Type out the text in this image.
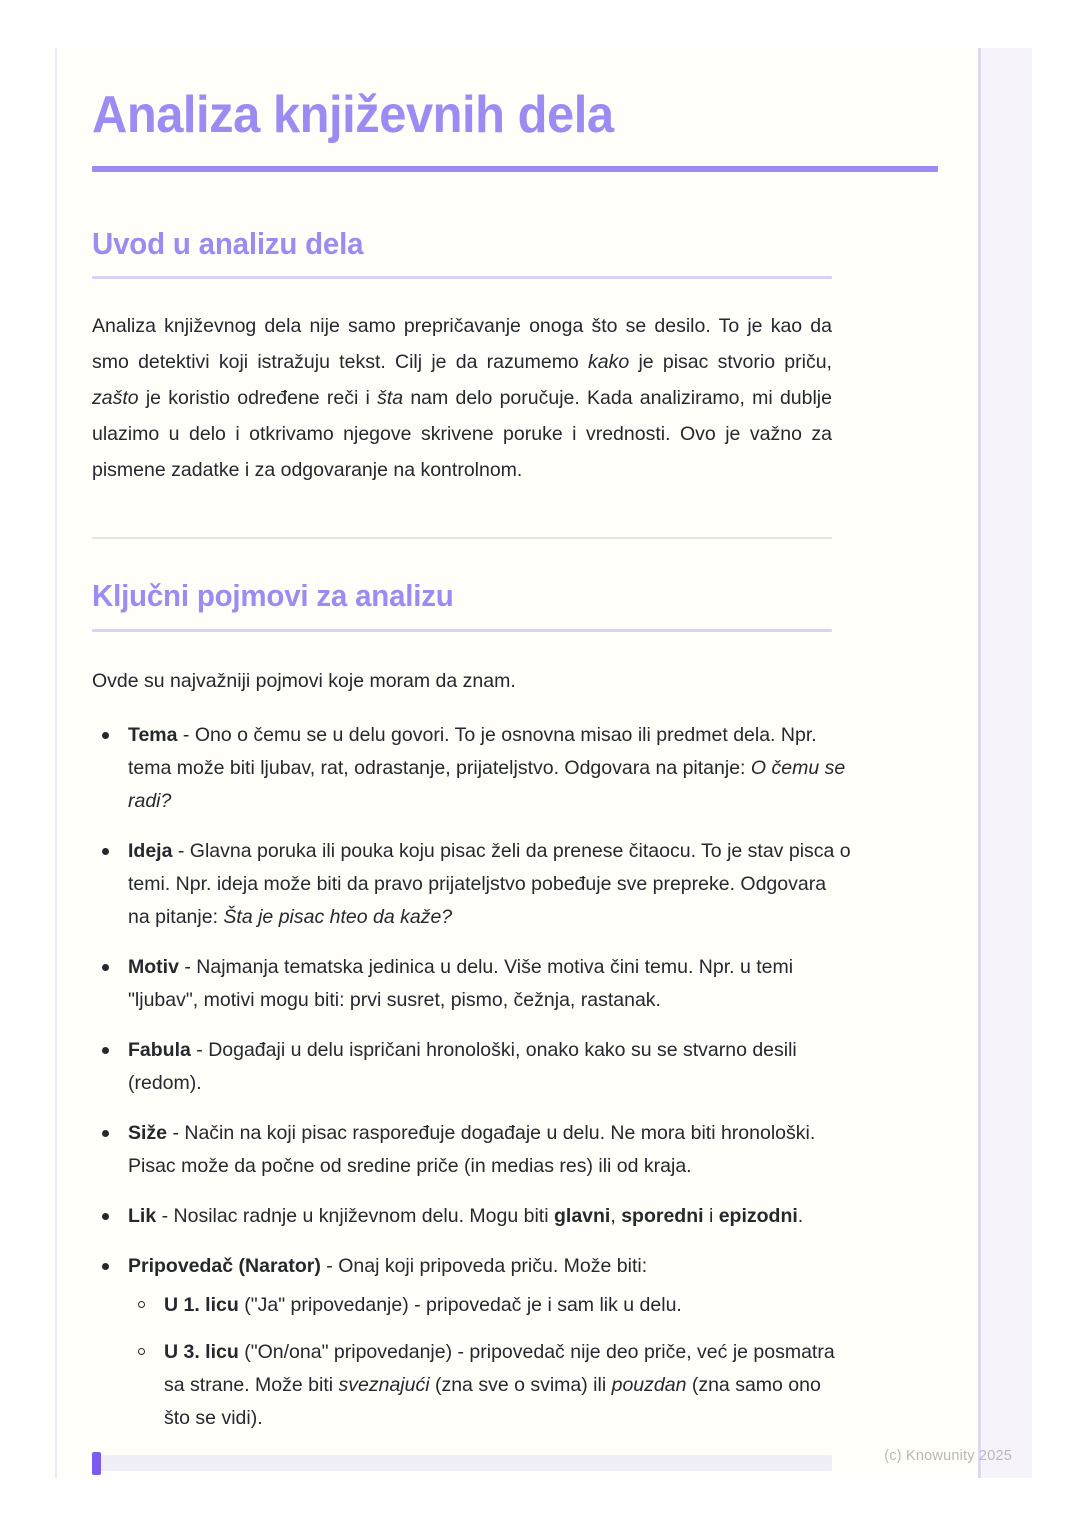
Analiza književnih dela
Uvod u analizu dela

Analiza književnog dela nije samo prepričavanje onoga što se desilo. To je kao da smo detektivi koji istražuju tekst. Cilj je da razumemo kako je pisac stvorio priču, zašto je koristio određene reči i šta nam delo poručuje. Kada analiziramo, mi dublje ulazimo u delo i otkrivamo njegove skrivene poruke i vrednosti. Ovo je važno za pismene zadatke i za odgovaranje na kontrolnom.

Ključni pojmovi za analizu

Ovde su najvažniji pojmovi koje moram da znam.

Tema - Ono o čemu se u delu govori. To je osnovna misao ili predmet dela. Npr. tema može biti ljubav, rat, odrastanje, prijateljstvo. Odgovara na pitanje: O čemu se radi?
Ideja - Glavna poruka ili pouka koju pisac želi da prenese čitaocu. To je stav pisca o temi. Npr. ideja može biti da pravo prijateljstvo pobeđuje sve prepreke. Odgovara na pitanje: Šta je pisac hteo da kaže?
Motiv - Najmanja tematska jedinica u delu. Više motiva čini temu. Npr. u temi "ljubav", motivi mogu biti: prvi susret, pismo, čežnja, rastanak.
Fabula - Događaji u delu ispričani hronološki, onako kako su se stvarno desili (redom).
Siže - Način na koji pisac raspoređuje događaje u delu. Ne mora biti hronološki. Pisac može da počne od sredine priče (in medias res) ili od kraja.
Lik - Nosilac radnje u književnom delu. Mogu biti glavni, sporedni i epizodni.
Pripovedač (Narator) - Onaj koji pripoveda priču. Može biti:
U 1. licu ("Ja" pripovedanje) - pripovedač je i sam lik u delu.
U 3. licu ("On/ona" pripovedanje) - pripovedač nije deo priče, već je posmatra sa strane. Može biti sveznajući (zna sve o svima) ili pouzdan (zna samo ono što se vidi).
(c) Knowunity 2025
